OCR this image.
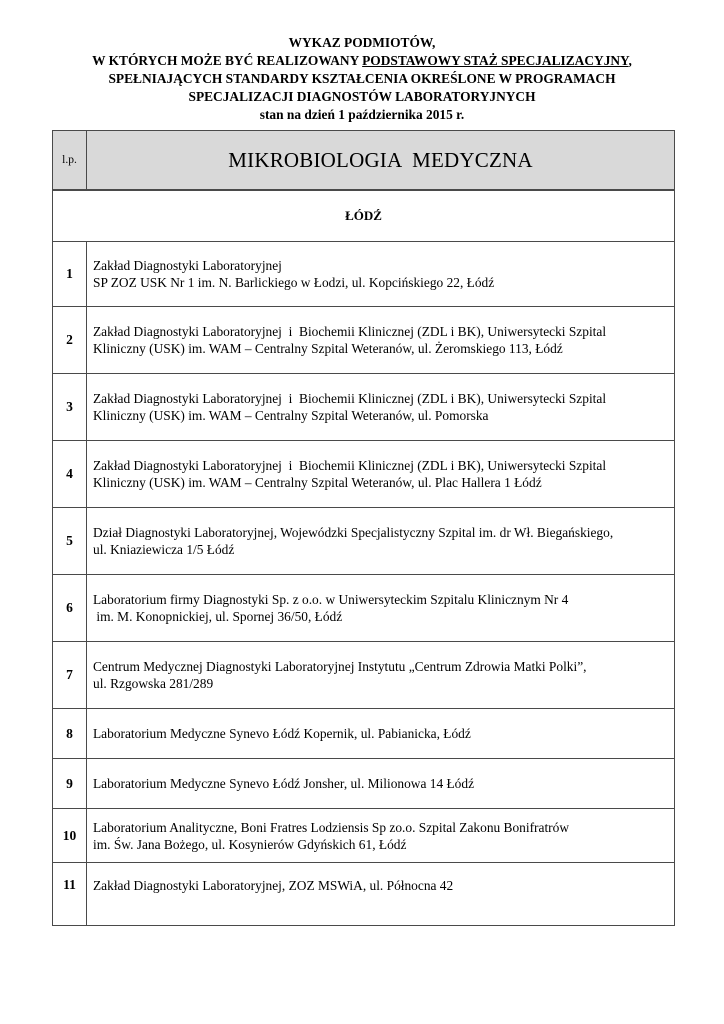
WYKAZ PODMIOTÓW,
W KTÓRYCH MOŻE BYĆ REALIZOWANY PODSTAWOWY STAŻ SPECJALIZACYJNY,
SPEŁNIAJĄCYCH STANDARDY KSZTAŁCENIA OKREŚLONE W PROGRAMACH
SPECJALIZACJI DIAGNOSTÓW LABORATORYJNYCH
stan na dzień 1 października 2015 r.
l.p.	MIKROBIOLOGIA  MEDYCZNA
ŁÓDŹ	
1	Zakład Diagnostyki Laboratoryjnej
SP ZOZ USK Nr 1 im. N. Barlickiego w Łodzi, ul. Kopcińskiego 22, Łódź

2	Zakład Diagnostyki Laboratoryjnej  i  Biochemii Klinicznej (ZDL i BK), Uniwersytecki Szpital
Kliniczny (USK) im. WAM – Centralny Szpital Weteranów, ul. Żeromskiego 113, Łódź

3	Zakład Diagnostyki Laboratoryjnej  i  Biochemii Klinicznej (ZDL i BK), Uniwersytecki Szpital
Kliniczny (USK) im. WAM – Centralny Szpital Weteranów, ul. Pomorska

4	Zakład Diagnostyki Laboratoryjnej  i  Biochemii Klinicznej (ZDL i BK), Uniwersytecki Szpital
Kliniczny (USK) im. WAM – Centralny Szpital Weteranów, ul. Plac Hallera 1 Łódź

5	Dział Diagnostyki Laboratoryjnej, Wojewódzki Specjalistyczny Szpital im. dr Wł. Biegańskiego,
ul. Kniaziewicza 1/5 Łódź

6	Laboratorium firmy Diagnostyki Sp. z o.o. w Uniwersyteckim Szpitalu Klinicznym Nr 4
im. M. Konopnickiej, ul. Spornej 36/50, Łódź

7	Centrum Medycznej Diagnostyki Laboratoryjnej Instytutu „Centrum Zdrowia Matki Polki”,
ul. Rzgowska 281/289

8	Laboratorium Medyczne Synevo Łódź Kopernik, ul. Pabianicka, Łódź

9	Laboratorium Medyczne Synevo Łódź Jonsher, ul. Milionowa 14 Łódź

10	Laboratorium Analityczne, Boni Fratres Lodziensis Sp zo.o. Szpital Zakonu Bonifratrów
im. Św. Jana Bożego, ul. Kosynierów Gdyńskich 61, Łódź

11	Zakład Diagnostyki Laboratoryjnej, ZOZ MSWiA, ul. Północna 42
